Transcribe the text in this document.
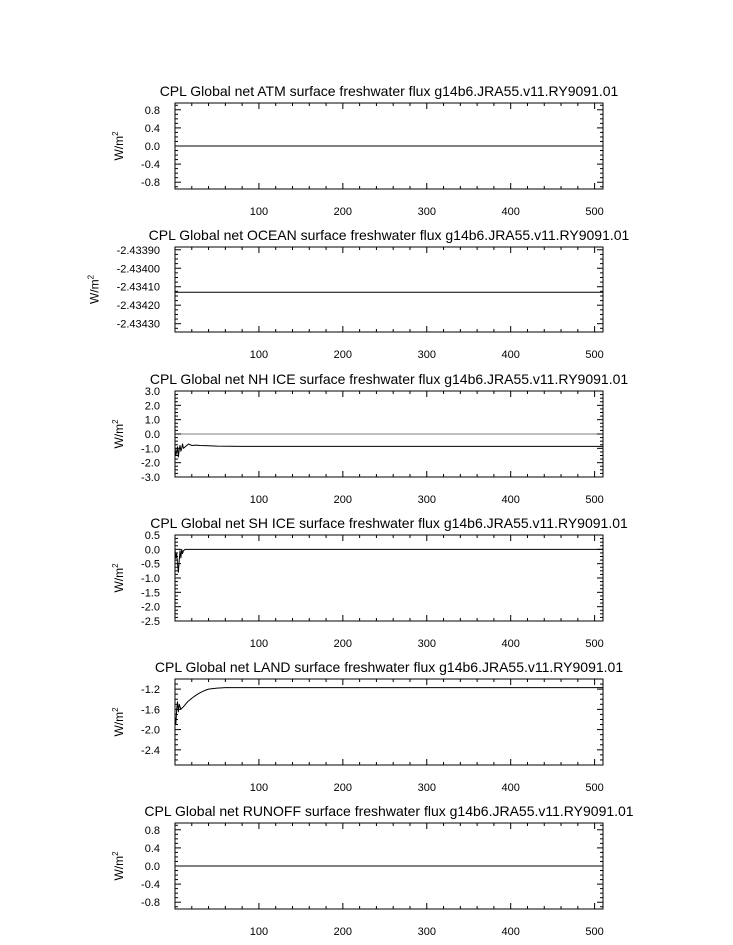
CPL Global net ATM surface freshwater flux g14b6.JRA55.v11.RY9091.01
100	200	300	400	500
0.8
0.4
0.0
-0.4
-0.8
$W/m^2$
CPL Global net OCEAN surface freshwater flux g14b6.JRA55.v11.RY9091.01
100	200	300	400	500
-2.43390
-2.43400
-2.43410
-2.43420
-2.43430
$W/m^2$
CPL Global net NH ICE surface freshwater flux g14b6.JRA55.v11.RY9091.01
100	200	300	400	500
3.0
2.0
1.0
0.0
-1.0
-2.0
-3.0
$W/m^2$
CPL Global net SH ICE surface freshwater flux g14b6.JRA55.v11.RY9091.01
100	200	300	400	500
0.5
0.0
-0.5
-1.0
-1.5
-2.0
-2.5
$W/m^2$
CPL Global net LAND surface freshwater flux g14b6.JRA55.v11.RY9091.01
100	200	300	400	500
-1.2
-1.6
-2.0
-2.4
$W/m^2$
CPL Global net RUNOFF surface freshwater flux g14b6.JRA55.v11.RY9091.01
100	200	300	400	500
0.8
0.4
0.0
-0.4
-0.8
$W/m^2$
